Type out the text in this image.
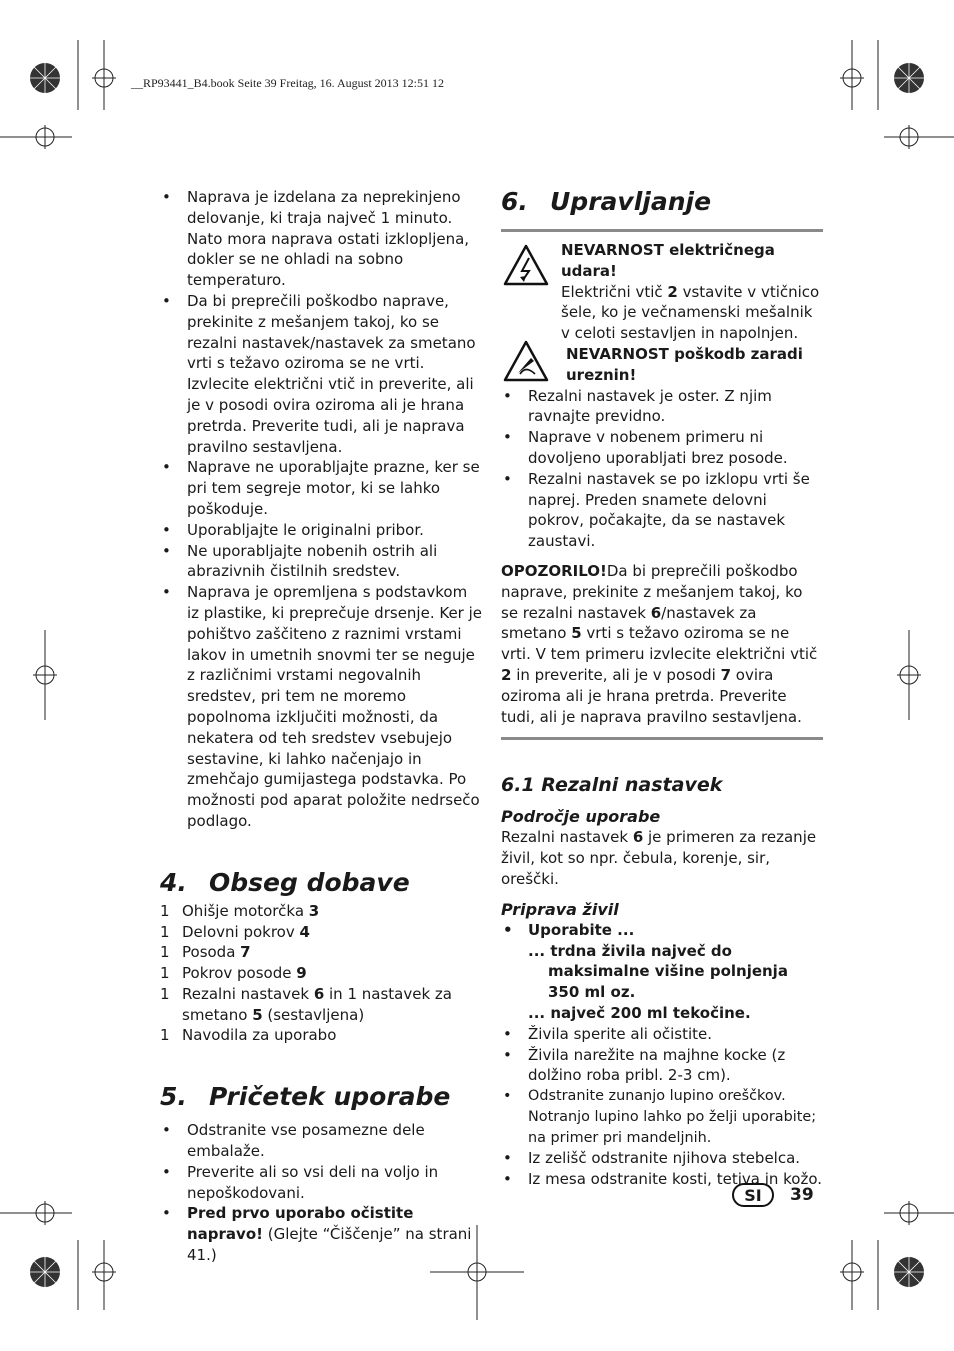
__RP93441_B4.book Seite 39 Freitag, 16. August 2013 12:51 12
• Naprava je izdelana za neprekinjeno delovanje, ki traja največ 1 minuto. Nato mora naprava ostati izklopljena, dokler se ne ohladi na sobno temperaturo.
• Da bi preprečili poškodbo naprave, prekinite z mešanjem takoj, ko se rezalni nastavek/nastavek za smetano vrti s težavo oziroma se ne vrti. Izvlecite električni vtič in preverite, ali je v posodi ovira oziroma ali je hrana pretrda. Preverite tudi, ali je naprava pravilno sestavljena.
• Naprave ne uporabljajte prazne, ker se pri tem segreje motor, ki se lahko poškoduje.
• Uporabljajte le originalni pribor.
• Ne uporabljajte nobenih ostrih ali abrazivnih čistilnih sredstev.
• Naprava je opremljena s podstavkom iz plastike, ki preprečuje drsenje. Ker je pohištvo zaščiteno z raznimi vrstami lakov in umetnih snovmi ter se neguje z različnimi vrstami negovalnih sredstev, pri tem ne moremo popolnoma izključiti možnosti, da nekatera od teh sredstev vsebujejo sestavine, ki lahko načenjajo in zmehčajo gumijastega podstavka. Po možnosti pod aparat položite nedrsečo podlago.
4. Obseg dobave
1 Ohišje motorčka 3
1 Delovni pokrov 4
1 Posoda 7
1 Pokrov posode 9
1 Rezalni nastavek 6 in 1 nastavek za smetano 5 (sestavljena)
1 Navodila za uporabo
5. Pričetek uporabe
• Odstranite vse posamezne dele embalaže.
• Preverite ali so vsi deli na voljo in nepoškodovani.
• Pred prvo uporabo očistite napravo! (Glejte “Čiščenje” na strani 41.)
6. Upravljanje
NEVARNOST električnega udara!
Električni vtič 2 vstavite v vtičnico šele, ko je večnamenski mešalnik v celoti sestavljen in napolnjen.
NEVARNOST poškodb zaradi ureznin!
• Rezalni nastavek je oster. Z njim ravnajte previdno.
• Naprave v nobenem primeru ni dovoljeno uporabljati brez posode.
• Rezalni nastavek se po izklopu vrti še naprej. Preden snamete delovni pokrov, počakajte, da se nastavek zaustavi.
OPOZORILO!Da bi preprečili poškodbo naprave, prekinite z mešanjem takoj, ko se rezalni nastavek 6/nastavek za smetano 5 vrti s težavo oziroma se ne vrti. V tem primeru izvlecite električni vtič 2 in preverite, ali je v posodi 7 ovira oziroma ali je hrana pretrda. Preverite tudi, ali je naprava pravilno sestavljena.
6.1 Rezalni nastavek
Področje uporabe
Rezalni nastavek 6 je primeren za rezanje živil, kot so npr. čebula, korenje, sir, oreščki.
Priprava živil
• Uporabite ...
... trdna živila največ do maksimalne višine polnjenja 350 ml oz.
... največ 200 ml tekočine.
• Živila sperite ali očistite.
• Živila narežite na majhne kocke (z dolžino roba pribl. 2-3 cm).
• Odstranite zunanjo lupino oreščkov. Notranjo lupino lahko po želji uporabite; na primer pri mandeljnih.
• Iz zelišč odstranite njihova stebelca.
• Iz mesa odstranite kosti, tetiva in kožo.
SI	39
